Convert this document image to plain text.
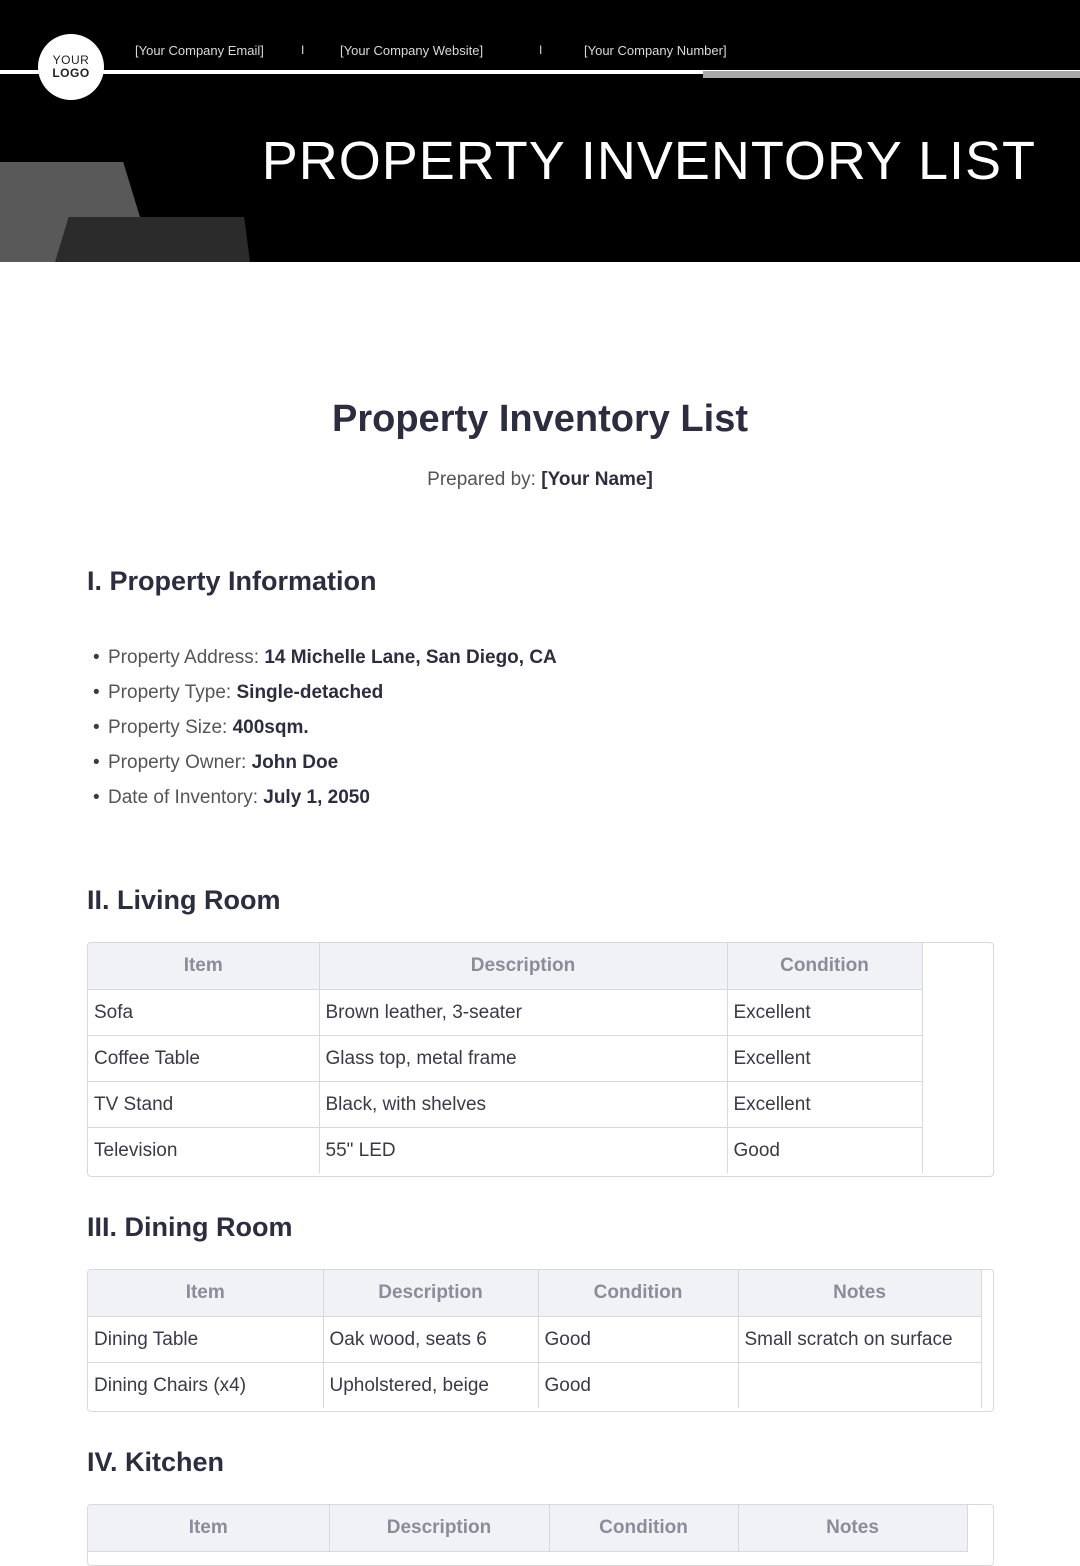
YOUR
LOGO
[Your Company Email]	I	[Your Company Website]	I	[Your Company Number]
PROPERTY INVENTORY LIST
Property Inventory List
Prepared by: [Your Name]
I. Property Information
• Property Address: 14 Michelle Lane, San Diego, CA
• Property Type: Single-detached
• Property Size: 400sqm.
• Property Owner: John Doe
• Date of Inventory: July 1, 2050
II. Living Room
Item	Description	Condition
Sofa	Brown leather, 3-seater	Excellent
Coffee Table	Glass top, metal frame	Excellent
TV Stand	Black, with shelves	Excellent
Television	55" LED	Good
III. Dining Room
Item	Description	Condition	Notes
Dining Table	Oak wood, seats 6	Good	Small scratch on surface
Dining Chairs (x4)	Upholstered, beige	Good	
IV. Kitchen
Item	Description	Condition	Notes
